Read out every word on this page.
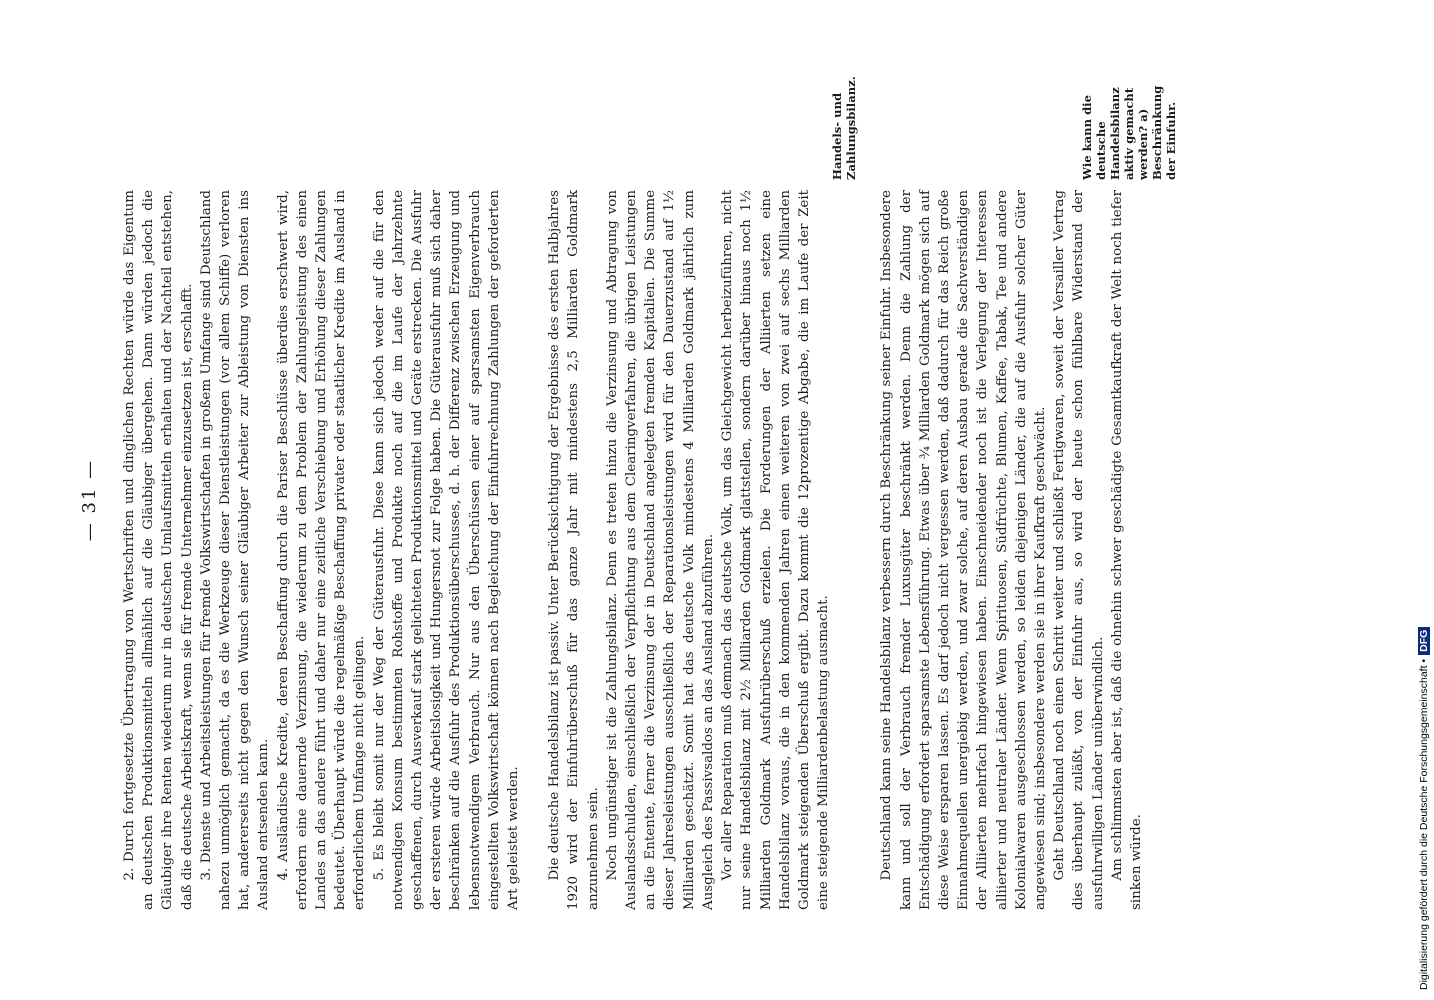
— 31 — 2. Durch fortgesetzte Übertragung von Wertschriften und dinglichen Rechten würde das Eigentum an deutschen Produktionsmitteln allmählich auf die Gläubiger übergehen. Dann würden jedoch die Gläubiger ihre Renten wiederum nur in deutschen Umlaufsmitteln erhalten und der Nachteil entstehen, daß die deutsche Arbeitskraft, wenn sie für fremde Unternehmer einzusetzen ist, erschlafft. 3. Dienste und Arbeitsleistungen für fremde Volkswirtschaften in großem Umfange sind Deutschland nahezu unmöglich gemacht, da es die Werkzeuge dieser Dienstleistungen (vor allem Schiffe) verloren hat, andererseits nicht gegen den Wunsch seiner Gläubiger Arbeiter zur Ableistung von Diensten ins Ausland entsenden kann. 4. Ausländische Kredite, deren Beschaffung durch die Pariser Beschlüsse überdies erschwert wird, erfordern eine dauernde Verzinsung, die wiederum zu dem Problem der Zahlungsleistung des einen Landes an das andere führt und daher nur eine zeitliche Verschiebung und Erhöhung dieser Zahlungen bedeutet. Überhaupt würde die regelmäßige Beschaffung privater oder staatlicher Kredite im Ausland in erforderlichem Umfange nicht gelingen. 5. Es bleibt somit nur der Weg der Güterausfuhr. Diese kann sich jedoch weder auf die für den notwendigen Konsum bestimmten Rohstoffe und Produkte noch auf die im Laufe der Jahrzehnte geschaffenen, durch Ausverkauf stark gelichteten Produktionsmittel und Geräte erstrecken. Die Ausfuhr der ersteren würde Arbeitslosigkeit und Hungersnot zur Folge haben. Die Güterausfuhr muß sich daher beschränken auf die Ausfuhr des Produktionsüberschusses, d. h. der Differenz zwischen Erzeugung und lebensnotwendigem Verbrauch. Nur aus den Überschüssen einer auf sparsamsten Eigenverbrauch eingestellten Volkswirtschaft können nach Begleichung der Einfuhrrechnung Zahlungen der geforderten Art geleistet werden. Die deutsche Handelsbilanz ist passiv. Unter Berücksichtigung der Ergebnisse des ersten Halbjahres 1920 wird der Einfuhrüberschuß für das ganze Jahr mit mindestens 2,5 Milliarden Goldmark anzunehmen sein. Noch ungünstiger ist die Zahlungsbilanz. Denn es treten hinzu die Verzinsung und Abtragung von Auslandsschulden, einschließlich der Verpflichtung aus dem Clearingverfahren, die übrigen Leistungen an die Entente, ferner die Verzinsung der in Deutschland angelegten fremden Kapitalien. Die Summe dieser Jahresleistungen ausschließlich der Reparationsleistungen wird für den Dauerzustand auf 1½ Milliarden geschätzt. Somit hat das deutsche Volk mindestens 4 Milliarden Goldmark jährlich zum Ausgleich des Passivsaldos an das Ausland abzuführen. Vor aller Reparation muß demnach das deutsche Volk, um das Gleichgewicht herbeizuführen, nicht nur seine Handelsbilanz mit 2½ Milliarden Goldmark glattstellen, sondern darüber hinaus noch 1½ Milliarden Goldmark Ausfuhrüberschuß erzielen. Die Forderungen der Alliierten setzen eine Handelsbilanz voraus, die in den kommenden Jahren einen weiteren von zwei auf sechs Milliarden Goldmark steigenden Überschuß ergibt. Dazu kommt die 12prozentige Abgabe, die im Laufe der Zeit eine steigende Milliardenbelastung ausmacht.	Deutschland kann seine Handelsbilanz verbessern durch Beschränkung seiner Einfuhr. Insbesondere kann und soll der Verbrauch fremder Luxusgüter beschränkt werden. Denn die Zahlung der Entschädigung erfordert sparsamste Lebensführung. Etwas über ¾ Milliarden Goldmark mögen sich auf diese Weise ersparen lassen. Es darf jedoch nicht vergessen werden, daß dadurch für das Reich große Einnahmequellen unergiebig werden, und zwar solche, auf deren Ausbau gerade die Sachverständigen der Alliierten mehrfach hingewiesen haben. Einschneidender noch ist die Verlegung der Interessen alliierter und neutraler Länder. Wenn Spirituosen, Südfrüchte, Blumen, Kaffee, Tabak, Tee und andere Kolonialwaren ausgeschlossen werden, so leiden diejenigen Länder, die auf die Ausfuhr solcher Güter angewiesen sind; insbesondere werden sie in ihrer Kaufkraft geschwächt. Geht Deutschland noch einen Schritt weiter und schließt Fertigwaren, soweit der Versailler Vertrag dies überhaupt zuläßt, von der Einfuhr aus, so wird der heute schon fühlbare Widerstand der ausfuhrwilligen Länder unüberwindlich. Am schlimmsten aber ist, daß die ohnehin schwer geschädigte Gesamtkaufkraft der Welt noch tiefer sinken würde.

Handels- und Zahlungsbilanz.	Wie kann die deutsche Handelsbilanz aktiv gemacht werden? a) Beschränkung der Einfuhr.
Digitalisierung gefördert durch die Deutsche Forschungsgemeinschaft •DFG
